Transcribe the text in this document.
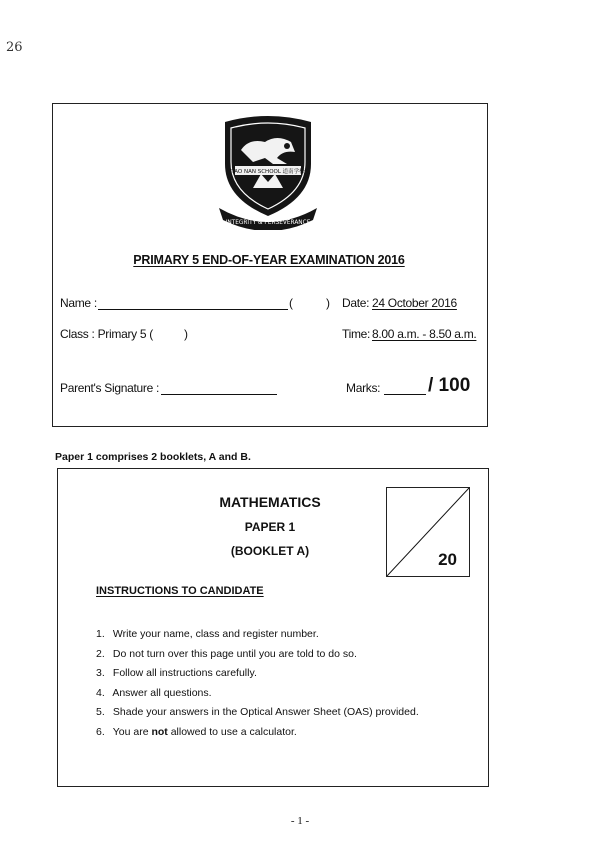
26
TAO NAN SCHOOL 道南学校
INTEGRITY & PERSEVERANCE
PRIMARY 5 END-OF-YEAR EXAMINATION 2016
Name :	(	) Date: 24 October 2016
Class : Primary 5 (	)	Time: 8.00 a.m. - 8.50 a.m.
Parent's Signature :	Marks:	/ 100
Paper 1 comprises 2 booklets, A and B.
MATHEMATICS
PAPER 1
(BOOKLET A)	20
INSTRUCTIONS TO CANDIDATE
1. Write your name, class and register number.
2. Do not turn over this page until you are told to do so.
3. Follow all instructions carefully.
4. Answer all questions.
5. Shade your answers in the Optical Answer Sheet (OAS) provided.
6. You are not allowed to use a calculator.
- 1 -
